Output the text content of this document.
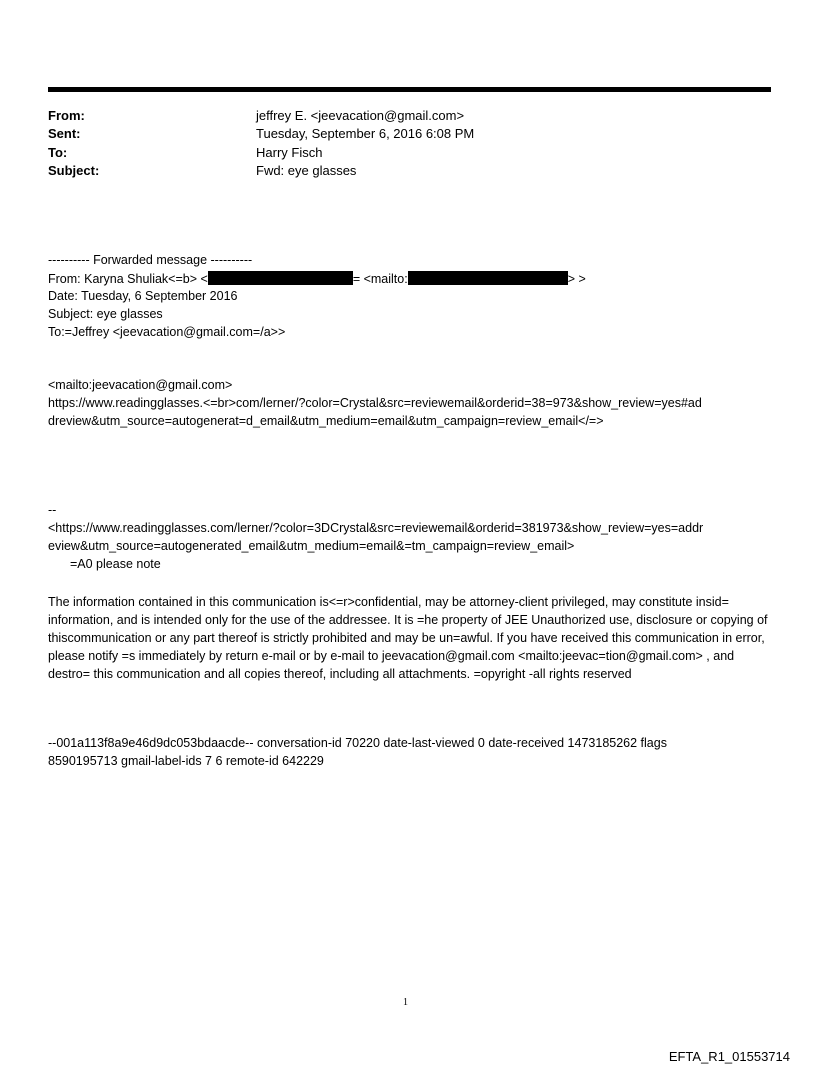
From:	jeffrey E. <jeevacation@gmail.com>
Sent:	Tuesday, September 6, 2016 6:08 PM
To:	Harry Fisch
Subject:	Fwd: eye glasses
---------- Forwarded message ----------
From: Karyna Shuliak<=b> <	= <mailto:	> >
Date: Tuesday, 6 September 2016
Subject: eye glasses
To:=Jeffrey <jeevacation@gmail.com=/a>>
<mailto:jeevacation@gmail.com>
https://www.readingglasses.<=br>com/lerner/?color=Crystal&src=reviewemail&orderid=38=973&show_review=yes#ad
dreview&utm_source=autogenerat=d_email&utm_medium=email&utm_campaign=review_email</=>
--
<https://www.readingglasses.com/lerner/?color=3DCrystal&src=reviewemail&orderid=381973&show_review=yes=addr
eview&utm_source=autogenerated_email&utm_medium=email&=tm_campaign=review_email>
=A0 please note
The information contained in this communication is<=r>confidential, may be attorney-client privileged, may constitute insid= information, and is intended only for the use of the addressee. It is =he property of JEE Unauthorized use, disclosure or copying of thiscommunication or any part thereof is strictly prohibited and may be un=awful. If you have received this communication in error, please notify =s immediately by return e-mail or by e-mail to jeevacation@gmail.com <mailto:jeevac=tion@gmail.com> , and destro= this communication and all copies thereof, including all attachments. =opyright -all rights reserved
--001a113f8a9e46d9dc053bdaacde-- conversation-id 70220 date-last-viewed 0 date-received 1473185262 flags
8590195713 gmail-label-ids 7 6 remote-id 642229
1
EFTA_R1_01553714
